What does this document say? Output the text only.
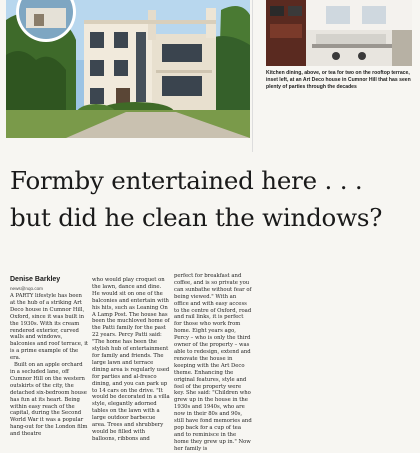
Kitchen dining, above, or tea for two on the rooftop terrace, inset left, at an Art Deco house in Cumnor Hill that has seen plenty of parties through the decades
Formby entertained here . . . but did he clean the windows?
Denise Barkley
news@nqo.com

A PARTY lifestyle has been at the hub of a striking Art Deco house in Cumnor Hill, Oxford, since it was built in the 1930s. With its cream rendered exterior, curved walls and windows, balconies and roof terrace, it is a prime example of the era.

Built on an apple orchard in a secluded lane, off Cumnor Hill on the western outskirts of the city, the detached six-bedroom house has fun at its heart. Being within easy reach of the capital, during the Second World War it was a popular hang-out for the London film and theatre

who would play croquet on the lawn, dance and dine. He would sit on one of the balconies and entertain with his hits, such as Leaning On A Lamp Post. The house has been the muchloved home of the Patti family for the past 22 years. Percy Patti said: "The home has been the stylish hub of entertainment for family and friends. The large lawn and terrace dining area is regularly used for parties and al-fresco dining, and you can park up to 14 cars on the drive. "It would be decorated in a villa style, elegantly adorned tables on the lawn with a large outdoor barbecue area. Trees and shrubbery would be filled with balloons, ribbons and

perfect for breakfast and coffee, and is so private you can sunbathe without fear of being viewed." With an office and with easy access to the centre of Oxford, road and rail links, it is perfect for those who work from home. Eight years ago, Percy – who is only the third owner of the property – was able to redesign, extend and renovate the house in keeping with the Art Deco theme. Enhancing the original features, style and feel of the property were key. She said: "Children who grew up in the house in the 1930s and 1940s, who are now in their 80s and 90s, still have fond memories and pop back for a cup of tea and to reminisce in the home they grew up in." Now her family is
